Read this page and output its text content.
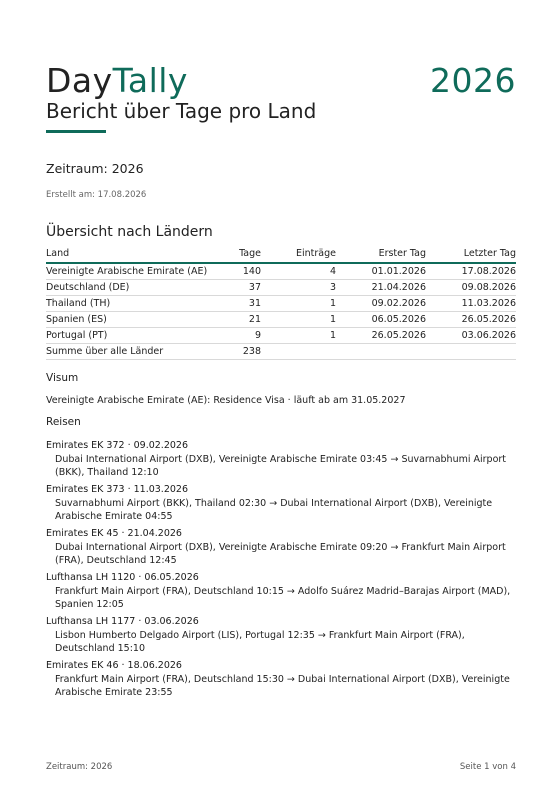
DayTally	2026
Bericht über Tage pro Land
Zeitraum: 2026
Erstellt am: 17.08.2026
Übersicht nach Ländern
Land	Tage	Einträge	Erster Tag	Letzter Tag
Vereinigte Arabische Emirate (AE)	140	4	01.01.2026	17.08.2026
Deutschland (DE)	37	3	21.04.2026	09.08.2026
Thailand (TH)	31	1	09.02.2026	11.03.2026
Spanien (ES)	21	1	06.05.2026	26.05.2026
Portugal (PT)	9	1	26.05.2026	03.06.2026
Summe über alle Länder	238			
Visum
Vereinigte Arabische Emirate (AE): Residence Visa · läuft ab am 31.05.2027
Reisen
Emirates EK 372 · 09.02.2026
Dubai International Airport (DXB), Vereinigte Arabische Emirate 03:45 → Suvarnabhumi Airport (BKK), Thailand 12:10
Emirates EK 373 · 11.03.2026
Suvarnabhumi Airport (BKK), Thailand 02:30 → Dubai International Airport (DXB), Vereinigte Arabische Emirate 04:55
Emirates EK 45 · 21.04.2026
Dubai International Airport (DXB), Vereinigte Arabische Emirate 09:20 → Frankfurt Main Airport (FRA), Deutschland 12:45
Lufthansa LH 1120 · 06.05.2026
Frankfurt Main Airport (FRA), Deutschland 10:15 → Adolfo Suárez Madrid–Barajas Airport (MAD), Spanien 12:05
Lufthansa LH 1177 · 03.06.2026
Lisbon Humberto Delgado Airport (LIS), Portugal 12:35 → Frankfurt Main Airport (FRA), Deutschland 15:10
Emirates EK 46 · 18.06.2026
Frankfurt Main Airport (FRA), Deutschland 15:30 → Dubai International Airport (DXB), Vereinigte Arabische Emirate 23:55
Zeitraum: 2026	Seite 1 von 4
